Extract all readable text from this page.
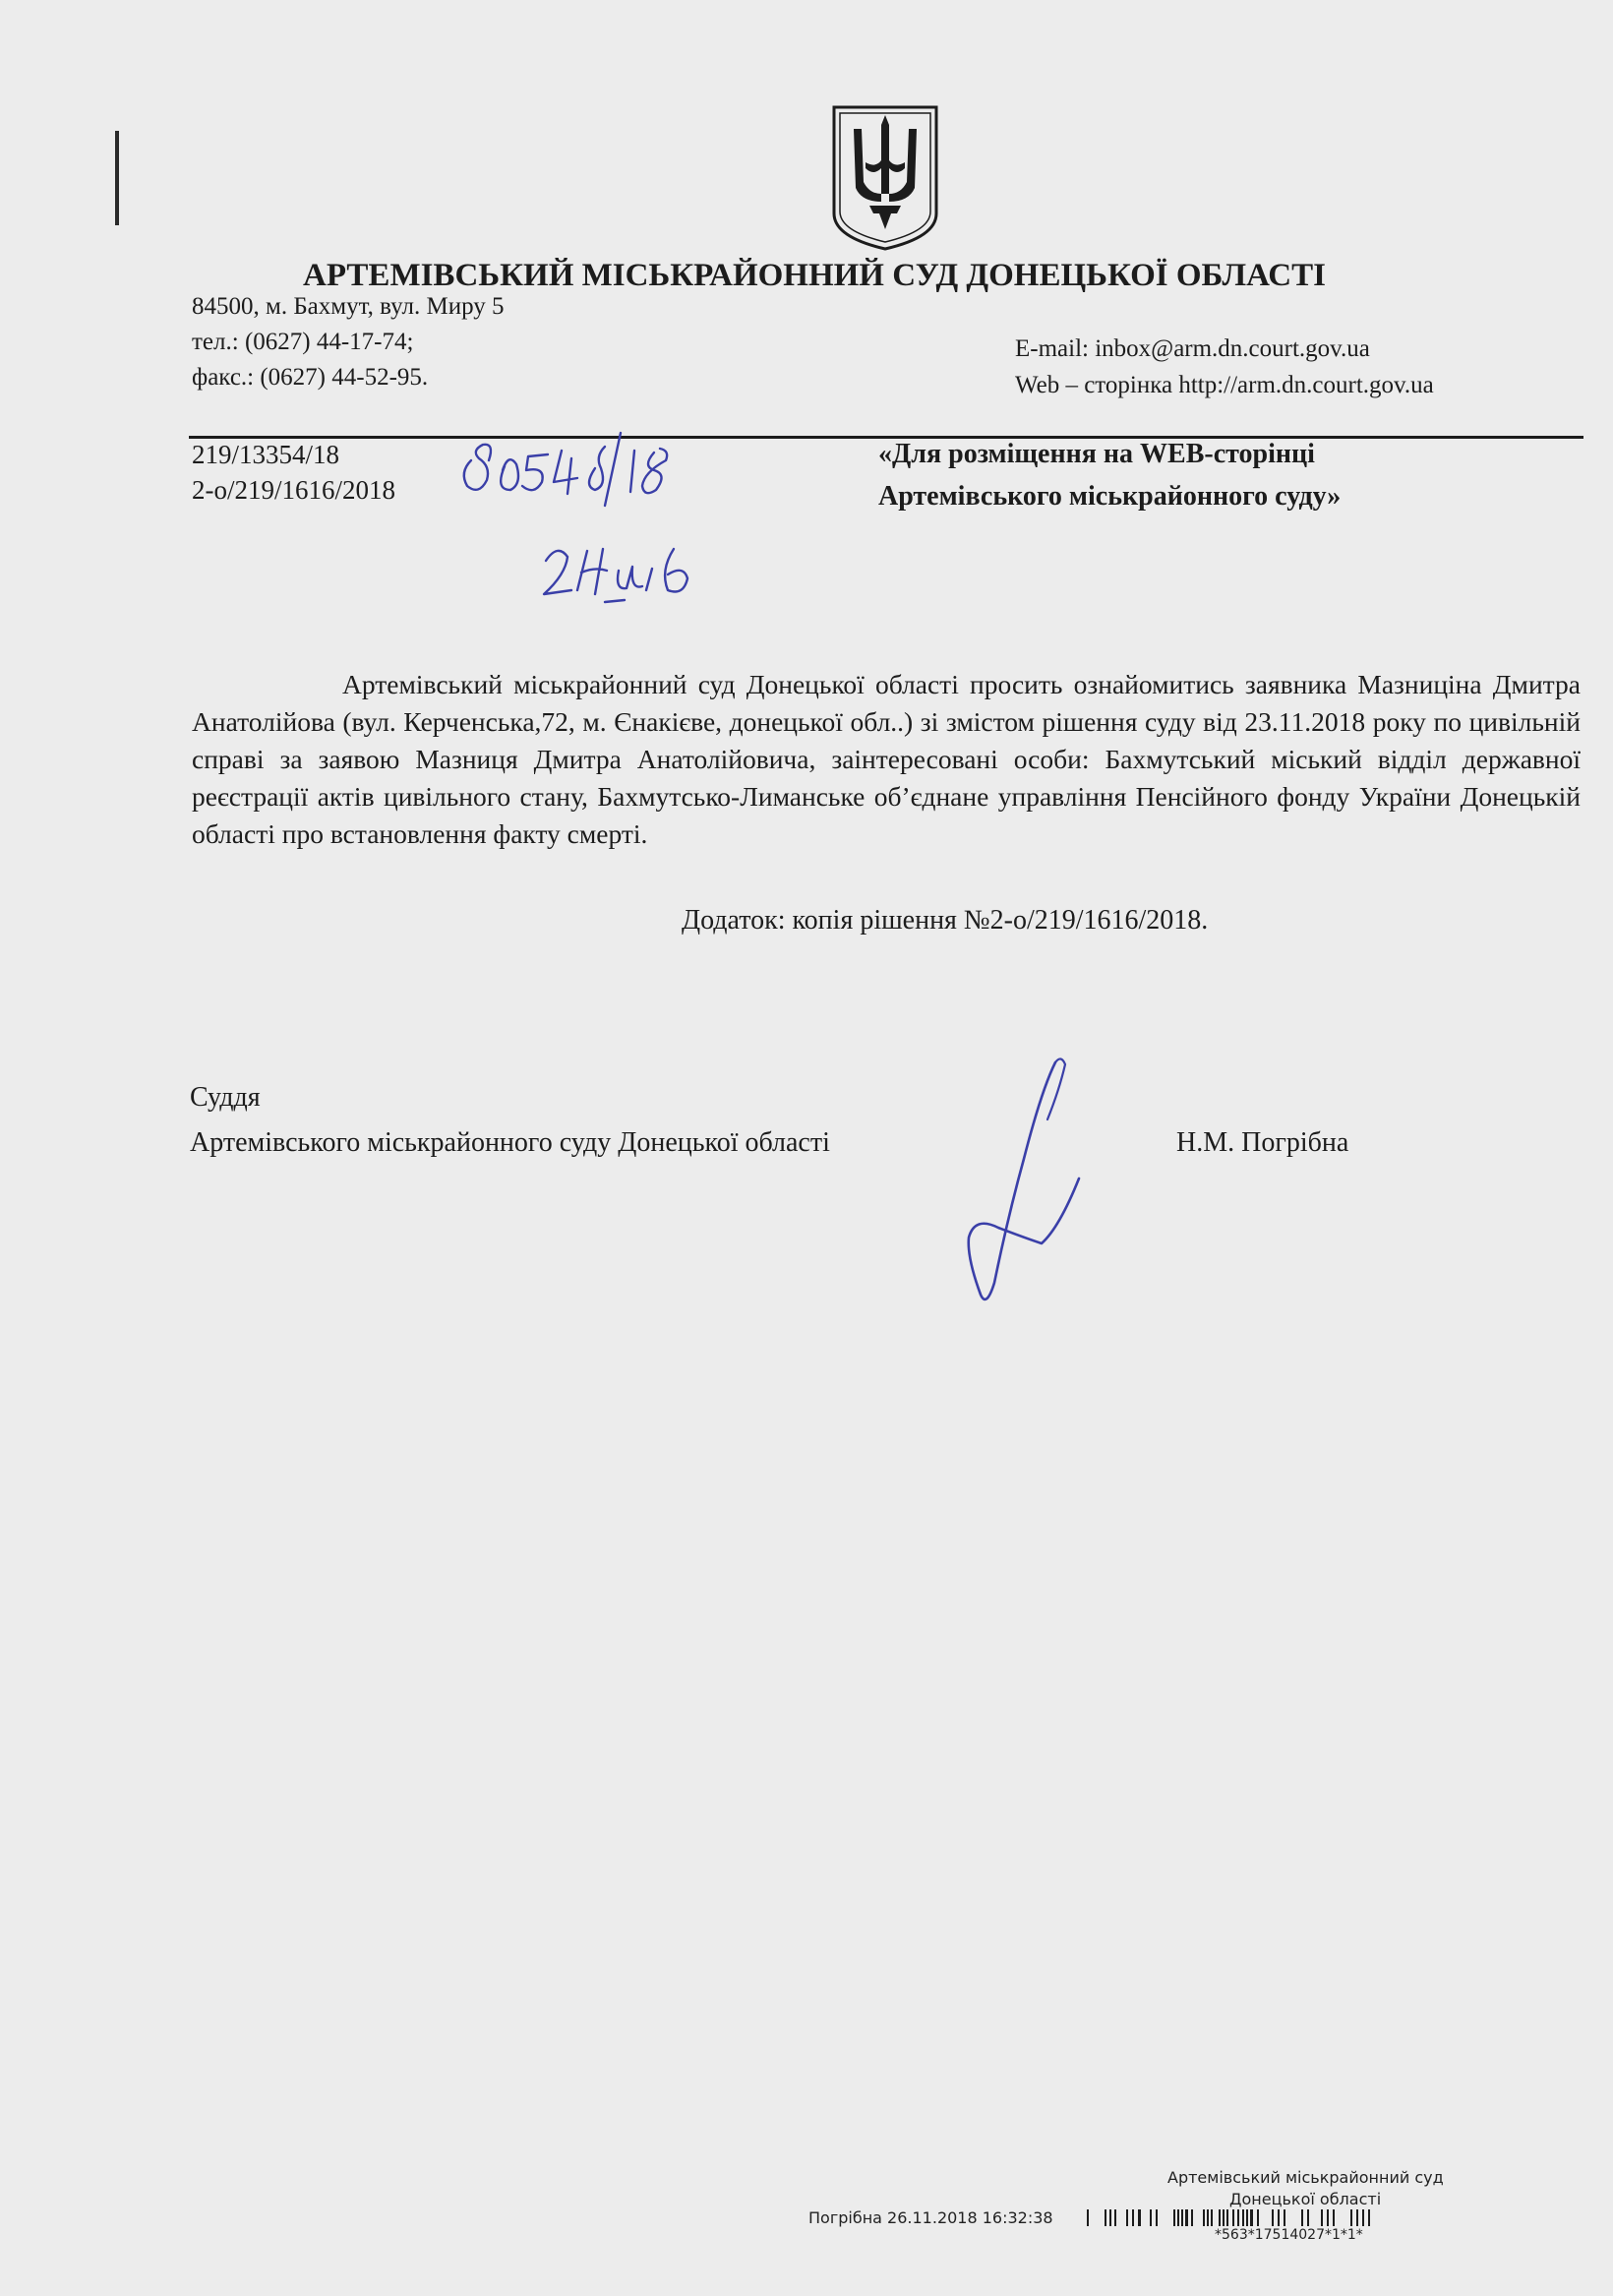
АРТЕМІВСЬКИЙ МІСЬКРАЙОННИЙ СУД ДОНЕЦЬКОЇ ОБЛАСТІ
84500, м. Бахмут, вул. Миру 5
тел.: (0627) 44-17-74;
факс.: (0627) 44-52-95.
E-mail: inbox@arm.dn.court.gov.ua
Web – сторінка http://arm.dn.court.gov.ua
219/13354/18
2-о/219/1616/2018
«Для розміщення на WEB-сторінці
Артемівського міськрайонного суду»

Артемівський міськрайонний суд Донецької області просить ознайомитись заявника Мазниціна Дмитра Анатолійова (вул. Керченська,72, м. Єнакієве, донецької обл..) зі змістом рішення суду від 23.11.2018 року по цивільній справі за заявою Мазниця Дмитра Анатолійовича, заінтересовані особи: Бахмутський міський відділ державної реєстрації актів цивільного стану, Бахмутсько-Лиманське об’єднане управління Пенсійного фонду України Донецькій області про встановлення факту смерті.

Додаток: копія рішення №2-о/219/1616/2018.
Суддя
Артемівського міськрайонного суду Донецької області	Н.М. Погрібна
Артемівський міськрайонний суд
Донецької області
Погрібна 26.11.2018 16:32:38
*563*17514027*1*1*
